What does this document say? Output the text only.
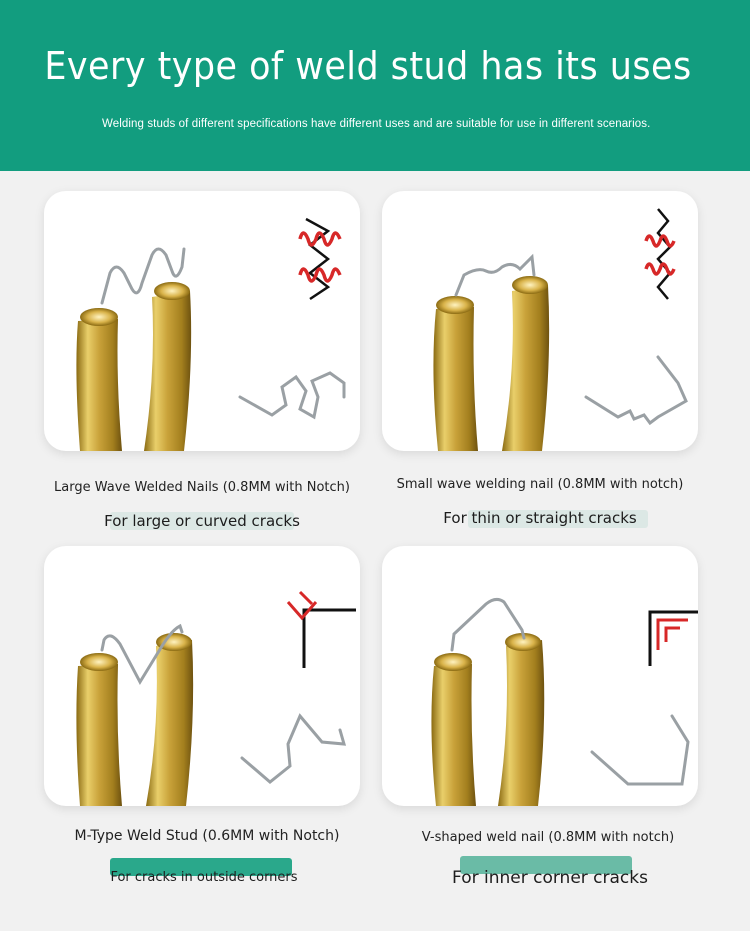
Every type of weld stud has its uses
Welding studs of different specifications have different uses and are suitable for use in different scenarios.
Large Wave Welded Nails (0.8MM with Notch)
For large or curved cracks
Small wave welding nail (0.8MM with notch)
For thin or straight cracks
M-Type Weld Stud (0.6MM with Notch)
For cracks in outside corners
V-shaped weld nail (0.8MM with notch)
For inner corner cracks
